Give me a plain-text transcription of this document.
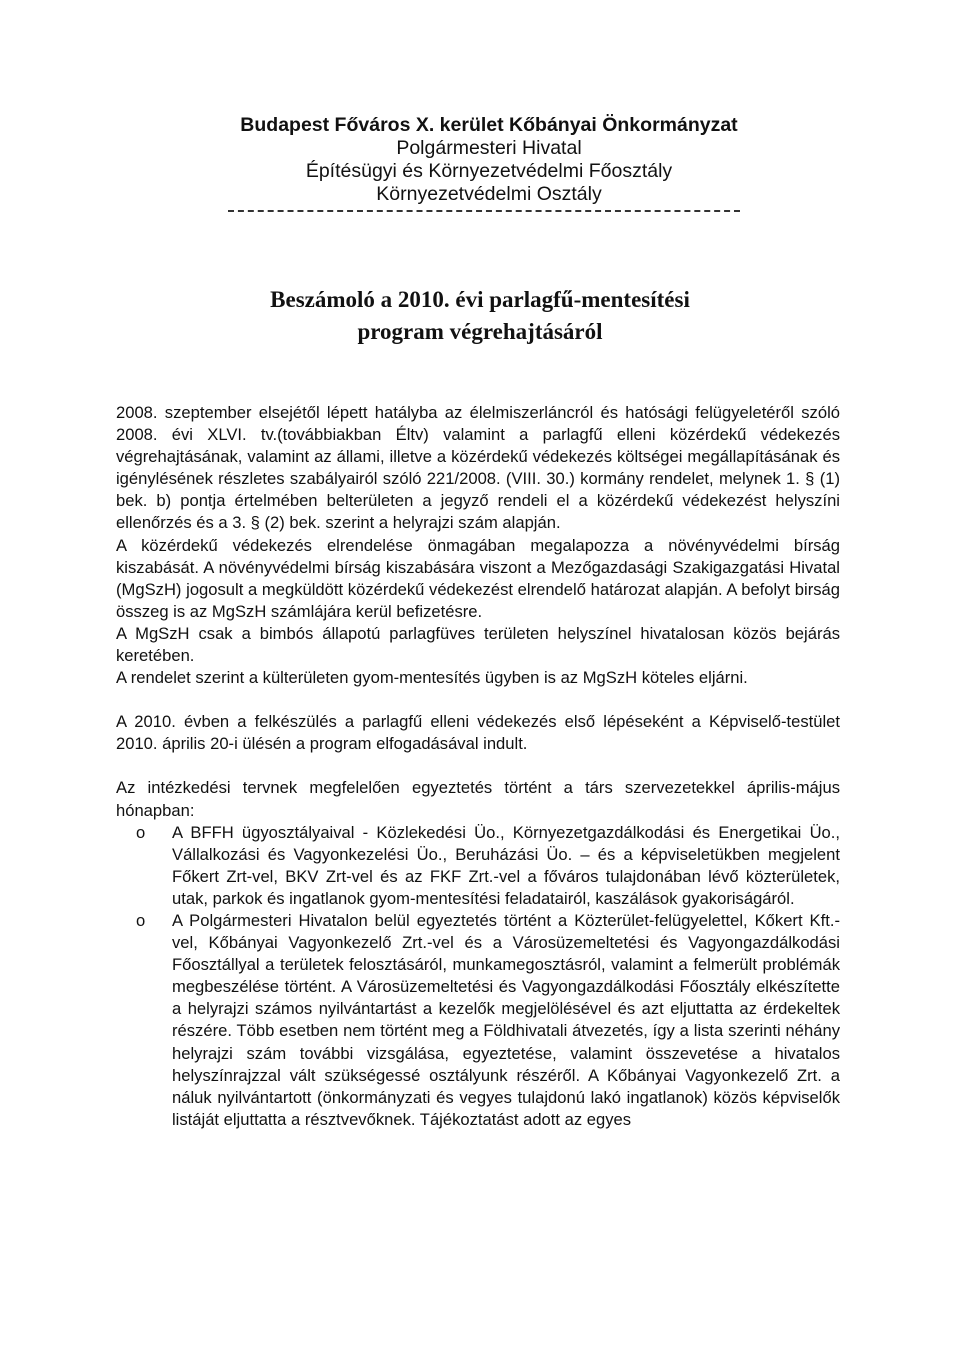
Budapest Főváros X. kerület Kőbányai Önkormányzat
Polgármesteri Hivatal
Építésügyi és Környezetvédelmi Főosztály
Környezetvédelmi Osztály
Beszámoló a 2010. évi parlagfű-mentesítési
program végrehajtásáról

2008. szeptember elsejétől lépett hatályba az élelmiszerláncról és hatósági felügyeletéről szóló 2008. évi XLVI. tv.(továbbiakban Éltv) valamint a parlagfű elleni közérdekű védekezés végrehajtásának, valamint az állami, illetve a közérdekű védekezés költségei megállapításának és igénylésének részletes szabályairól szóló 221/2008. (VIII. 30.) kormány rendelet, melynek 1. § (1) bek. b) pontja értelmében belterületen a jegyző rendeli el a közérdekű védekezést helyszíni ellenőrzés és a 3. § (2) bek. szerint a helyrajzi szám alapján.

A közérdekű védekezés elrendelése önmagában megalapozza a növényvédelmi bírság kiszabását. A növényvédelmi bírság kiszabására viszont a Mezőgazdasági Szakigazgatási Hivatal (MgSzH) jogosult a megküldött közérdekű védekezést elrendelő határozat alapján. A befolyt birság összeg is az MgSzH számlájára kerül befizetésre.

A MgSzH csak a bimbós állapotú parlagfüves területen helyszínel hivatalosan közös bejárás keretében.

A rendelet szerint a külterületen gyom-mentesítés ügyben is az MgSzH köteles eljárni.

A 2010. évben a felkészülés a parlagfű elleni védekezés első lépéseként a Képviselő-testület 2010. április 20-i ülésén a program elfogadásával indult.

Az intézkedési tervnek megfelelően egyeztetés történt a társ szervezetekkel április-május hónapban:

o A BFFH ügyosztályaival - Közlekedési Üo., Környezetgazdálkodási és Energetikai Üo., Vállalkozási és Vagyonkezelési Üo., Beruházási Üo. – és a képviseletükben megjelent Főkert Zrt-vel, BKV Zrt-vel és az FKF Zrt.-vel a főváros tulajdonában lévő közterületek, utak, parkok és ingatlanok gyom-mentesítési feladatairól, kaszálások gyakoriságáról.
o A Polgármesteri Hivatalon belül egyeztetés történt a Közterület-felügyelettel, Kőkert Kft.-vel, Kőbányai Vagyonkezelő Zrt.-vel és a Városüzemeltetési és Vagyongazdálkodási Főosztállyal a területek felosztásáról, munkamegosztásról, valamint a felmerült problémák megbeszélése történt. A Városüzemeltetési és Vagyongazdálkodási Főosztály elkészítette a helyrajzi számos nyilvántartást a kezelők megjelölésével és azt eljuttatta az érdekeltek részére. Több esetben nem történt meg a Földhivatali átvezetés, így a lista szerinti néhány helyrajzi szám további vizsgálása, egyeztetése, valamint összevetése a hivatalos helyszínrajzzal vált szükségessé osztályunk részéről. A Kőbányai Vagyonkezelő Zrt. a náluk nyilvántartott (önkormányzati és vegyes tulajdonú lakó ingatlanok) közös képviselők listáját eljuttatta a résztvevőknek. Tájékoztatást adott az egyes
